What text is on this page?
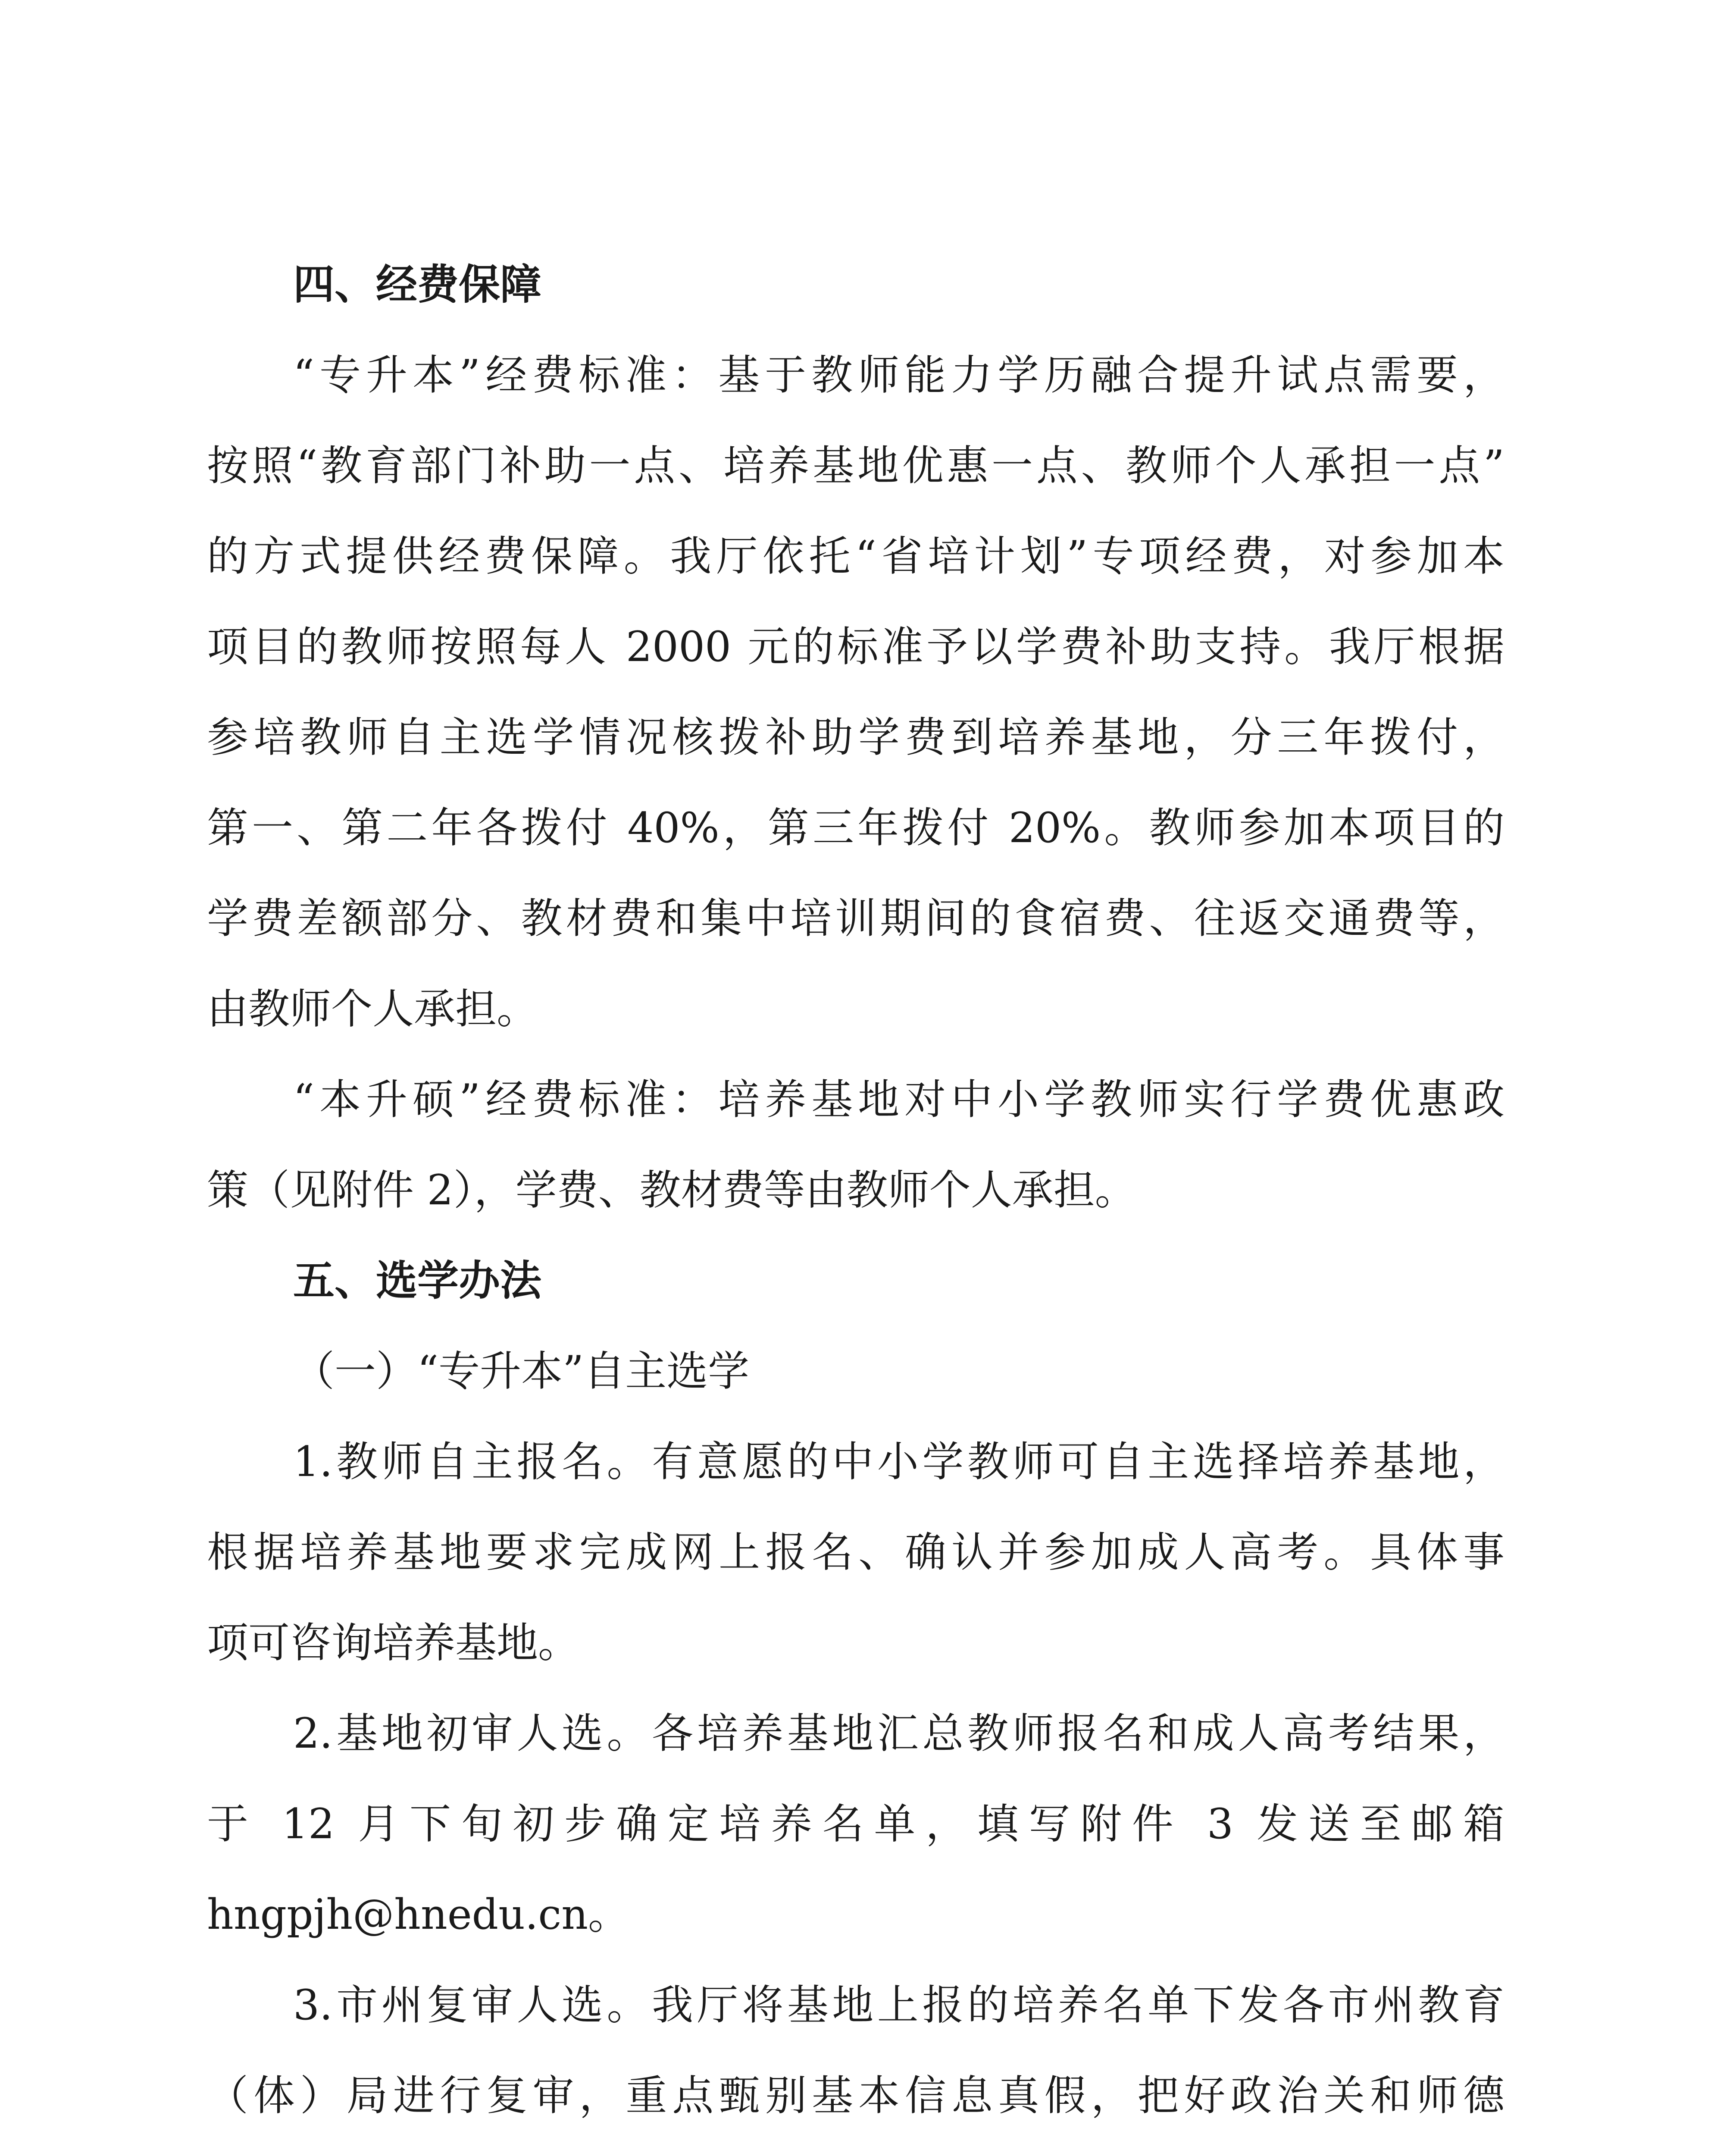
四、经费保障
“专升本”经费标准：基于教师能力学历融合提升试点需要，
按照“教育部门补助一点、培养基地优惠一点、教师个人承担一点”
的方式提供经费保障。我厅依托“省培计划”专项经费，对参加本
项目的教师按照每人 2000 元的标准予以学费补助支持。我厅根据
参培教师自主选学情况核拨补助学费到培养基地，分三年拨付，
第一、第二年各拨付 40%，第三年拨付 20%。教师参加本项目的
学费差额部分、教材费和集中培训期间的食宿费、往返交通费等，
由教师个人承担。
“本升硕”经费标准：培养基地对中小学教师实行学费优惠政
策（见附件 2），学费、教材费等由教师个人承担。
五、选学办法
（一）“专升本”自主选学
1.教师自主报名。有意愿的中小学教师可自主选择培养基地，
根据培养基地要求完成网上报名、确认并参加成人高考。具体事
项可咨询培养基地。
2.基地初审人选。各培养基地汇总教师报名和成人高考结果，
于 12 月下旬初步确定培养名单，填写附件 3 发送至邮箱
hngpjh@hnedu.cn。
3.市州复审人选。我厅将基地上报的培养名单下发各市州教育
（体）局进行复审，重点甄别基本信息真假，把好政治关和师德
